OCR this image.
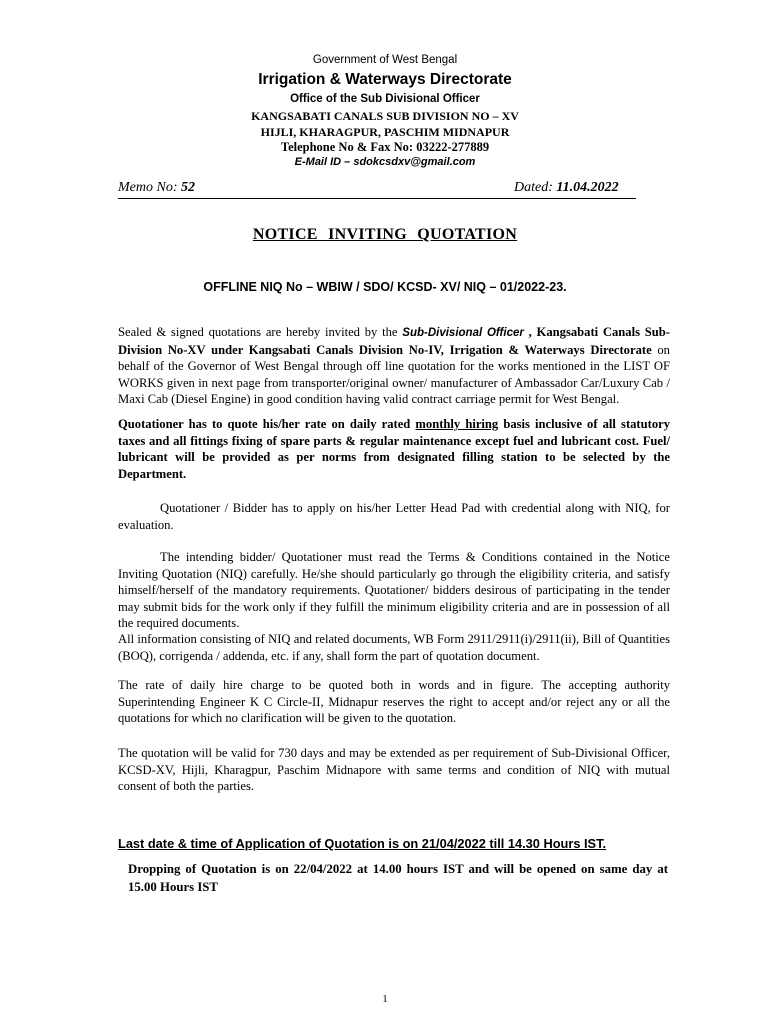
Government of West Bengal
Irrigation & Waterways Directorate
Office of the Sub Divisional Officer
KANGSABATI CANALS SUB DIVISION NO – XV
HIJLI, KHARAGPUR, PASCHIM MIDNAPUR
Telephone No & Fax No: 03222-277889
E-Mail ID – sdokcsdxv@gmail.com
Memo No: 52	Dated: 11.04.2022
NOTICE INVITING QUOTATION
OFFLINE NIQ No – WBIW / SDO/ KCSD- XV/ NIQ – 01/2022-23.

Sealed & signed quotations are hereby invited by the Sub-Divisional Officer , Kangsabati Canals Sub-Division No-XV under Kangsabati Canals Division No-IV, Irrigation & Waterways Directorate on behalf of the Governor of West Bengal through off line quotation for the works mentioned in the LIST OF WORKS given in next page from transporter/original owner/ manufacturer of Ambassador Car/Luxury Cab / Maxi Cab (Diesel Engine) in good condition having valid contract carriage permit for West Bengal.

Quotationer has to quote his/her rate on daily rated monthly hiring basis inclusive of all statutory taxes and all fittings fixing of spare parts & regular maintenance except fuel and lubricant cost. Fuel/ lubricant will be provided as per norms from designated filling station to be selected by the Department.

Quotationer / Bidder has to apply on his/her Letter Head Pad with credential along with NIQ, for evaluation.

The intending bidder/ Quotationer must read the Terms & Conditions contained in the Notice Inviting Quotation (NIQ) carefully. He/she should particularly go through the eligibility criteria, and satisfy himself/herself of the mandatory requirements. Quotationer/ bidders desirous of participating in the tender may submit bids for the work only if they fulfill the minimum eligibility criteria and are in possession of all the required documents.

All information consisting of NIQ and related documents, WB Form 2911/2911(i)/2911(ii), Bill of Quantities (BOQ), corrigenda / addenda, etc. if any, shall form the part of quotation document.

The rate of daily hire charge to be quoted both in words and in figure. The accepting authority Superintending Engineer K C Circle-II, Midnapur reserves the right to accept and/or reject any or all the quotations for which no clarification will be given to the quotation.

The quotation will be valid for 730 days and may be extended as per requirement of Sub-Divisional Officer, KCSD-XV, Hijli, Kharagpur, Paschim Midnapore with same terms and condition of NIQ with mutual consent of both the parties.

Last date & time of Application of Quotation is on 21/04/2022 till 14.30 Hours IST.

Dropping of Quotation is on 22/04/2022 at 14.00 hours IST and will be opened on same day at 15.00 Hours IST

1
